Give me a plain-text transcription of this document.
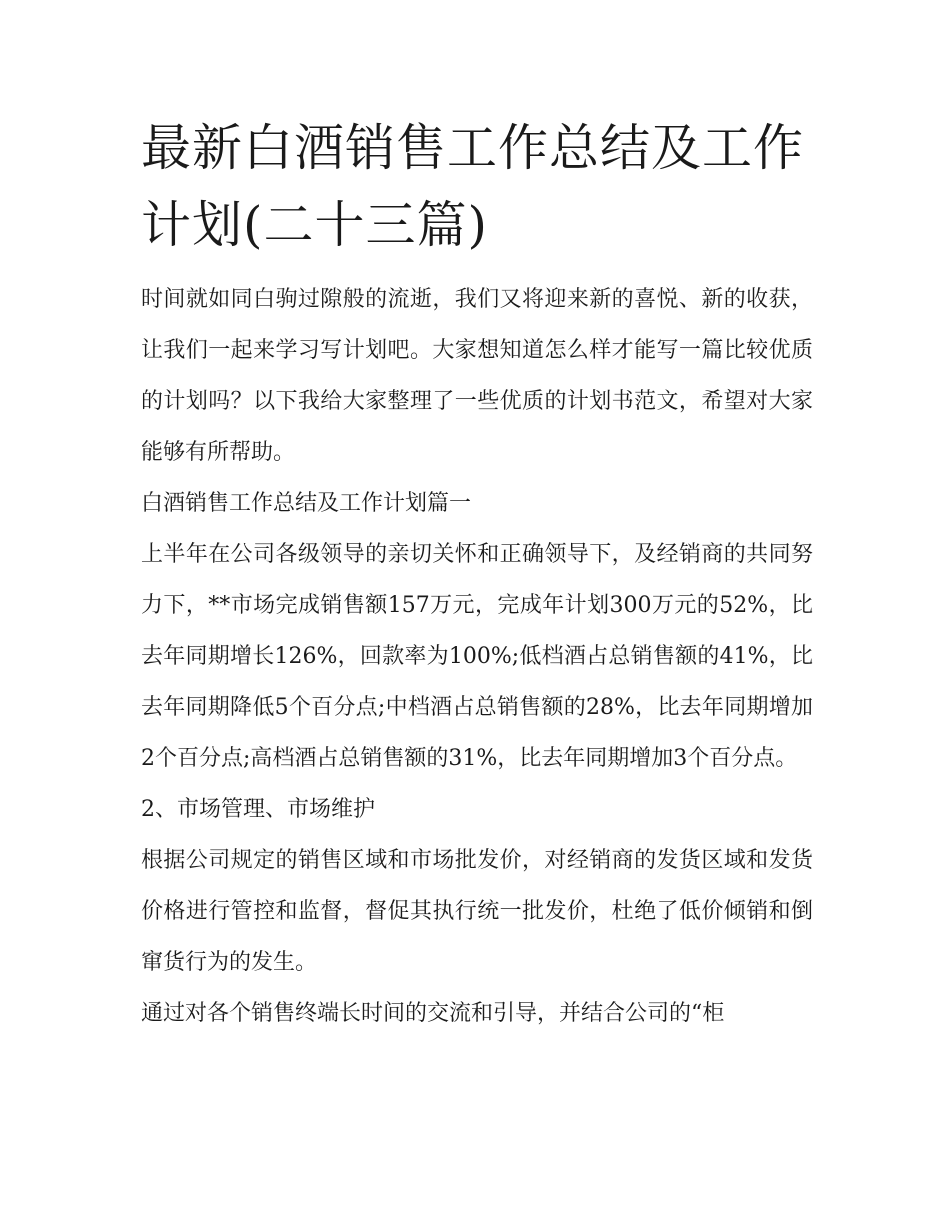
最新白酒销售工作总结及工作计划(二十三篇)

时间就如同白驹过隙般的流逝，我们又将迎来新的喜悦、新的收获，让我们一起来学习写计划吧。大家想知道怎么样才能写一篇比较优质的计划吗？以下我给大家整理了一些优质的计划书范文，希望对大家能够有所帮助。

白酒销售工作总结及工作计划篇一

上半年在公司各级领导的亲切关怀和正确领导下，及经销商的共同努力下，**市场完成销售额157万元，完成年计划300万元的52%，比去年同期增长126%，回款率为100%;低档酒占总销售额的41%，比去年同期降低5个百分点;中档酒占总销售额的28%，比去年同期增加2个百分点;高档酒占总销售额的31%，比去年同期增加3个百分点。

2、市场管理、市场维护

根据公司规定的销售区域和市场批发价，对经销商的发货区域和发货价格进行管控和监督，督促其执行统一批发价，杜绝了低价倾销和倒窜货行为的发生。

通过对各个销售终端长时间的交流和引导，并结合公司的“柜
